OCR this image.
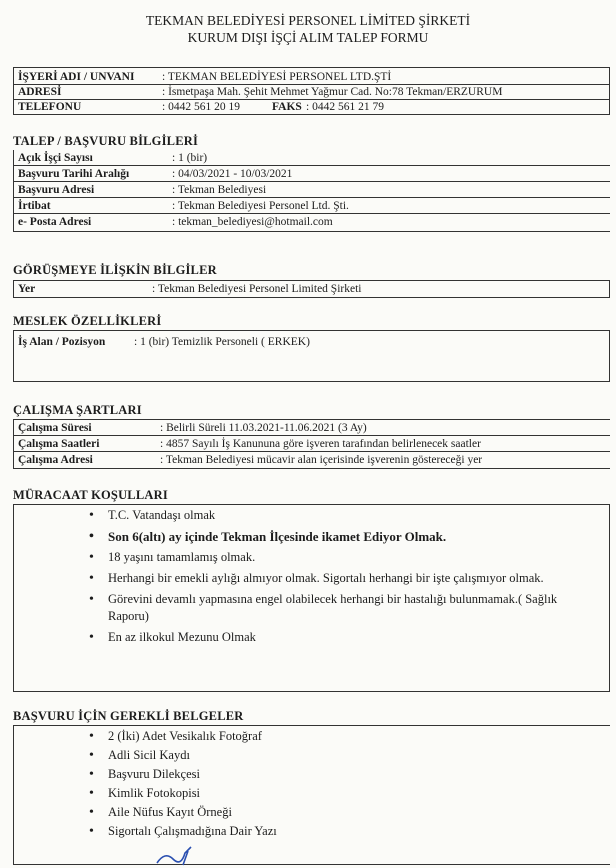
TEKMAN BELEDİYESİ PERSONEL LİMİTED ŞİRKETİ
KURUM DIŞI İŞÇİ ALIM TALEP FORMU
İŞYERİ ADI / UNVANI : TEKMAN BELEDİYESİ PERSONEL LTD.ŞTİ
ADRESİ	: İsmetpaşa Mah. Şehit Mehmet Yağmur Cad. No:78 Tekman/ERZURUM
TELEFONU	: 0442 561 20 19	FAKS : 0442 561 21 79
TALEP / BAŞVURU BİLGİLERİ
Açık İşçi Sayısı	: 1 (bir)
Başvuru Tarihi Aralığı	: 04/03/2021 - 10/03/2021
Başvuru Adresi	: Tekman Belediyesi
İrtibat	: Tekman Belediyesi Personel Ltd. Şti.
e- Posta Adresi	: tekman_belediyesi@hotmail.com
GÖRÜŞMEYE İLİŞKİN BİLGİLER
Yer	: Tekman Belediyesi Personel Limited Şirketi
MESLEK ÖZELLİKLERİ
İş Alan / Pozisyon	: 1 (bir) Temizlik Personeli ( ERKEK)
ÇALIŞMA ŞARTLARI
Çalışma Süresi	: Belirli Süreli 11.03.2021-11.06.2021 (3 Ay)
Çalışma Saatleri	: 4857 Sayılı İş Kanununa göre işveren tarafından belirlenecek saatler
Çalışma Adresi	: Tekman Belediyesi mücavir alan içerisinde işverenin göstereceği yer
MÜRACAAT KOŞULLARI
• T.C. Vatandaşı olmak
• Son 6(altı) ay içinde Tekman İlçesinde ikamet Ediyor Olmak.
• 18 yaşını tamamlamış olmak.
• Herhangi bir emekli aylığı almıyor olmak. Sigortalı herhangi bir işte çalışmıyor olmak.
• Görevini devamlı yapmasına engel olabilecek herhangi bir hastalığı bulunmamak.( Sağlık Raporu)
• En az ilkokul Mezunu Olmak
BAŞVURU İÇİN GEREKLİ BELGELER
• 2 (İki) Adet Vesikalık Fotoğraf
• Adli Sicil Kaydı
• Başvuru Dilekçesi
• Kimlik Fotokopisi
• Aile Nüfus Kayıt Örneği
• Sigortalı Çalışmadığına Dair Yazı
